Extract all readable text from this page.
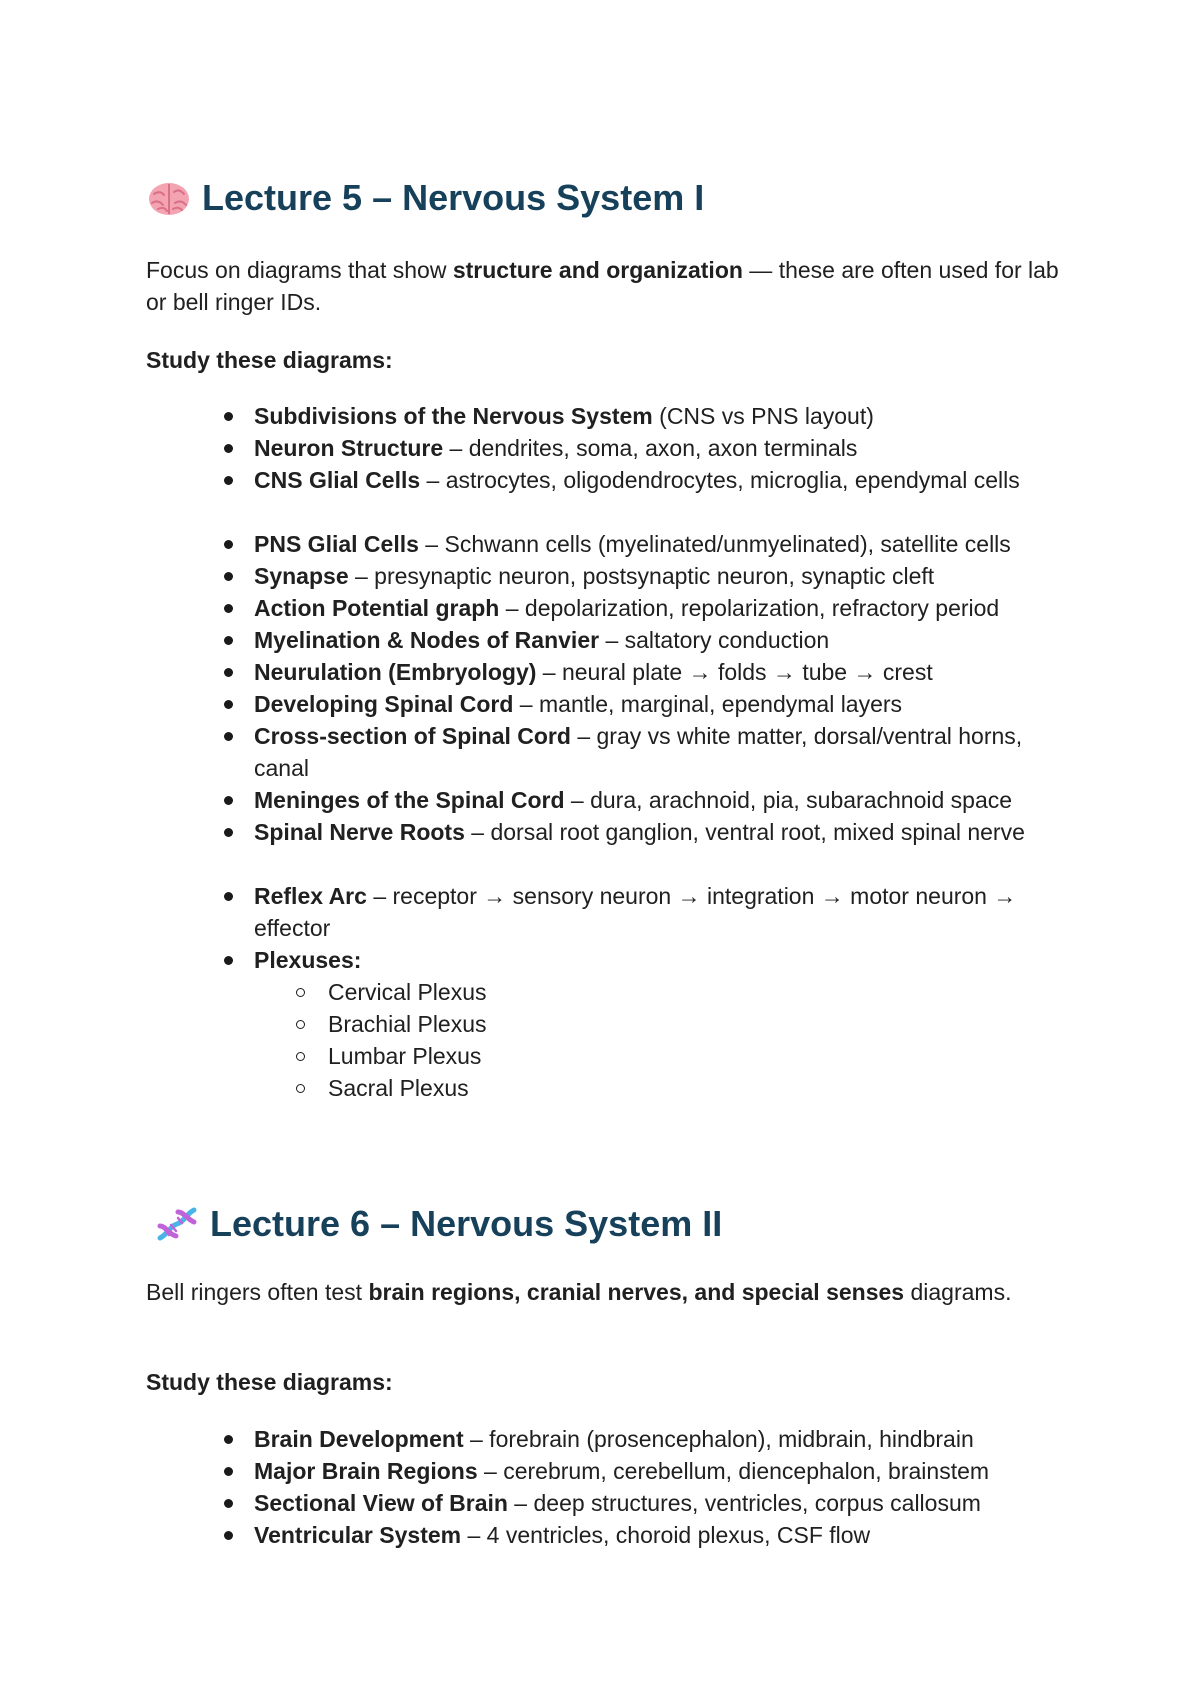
Lecture 5 – Nervous System I
Focus on diagrams that show structure and organization — these are often used for lab or bell ringer IDs.
Study these diagrams:
Subdivisions of the Nervous System (CNS vs PNS layout)
Neuron Structure – dendrites, soma, axon, axon terminals
CNS Glial Cells – astrocytes, oligodendrocytes, microglia, ependymal cells
PNS Glial Cells – Schwann cells (myelinated/unmyelinated), satellite cells
Synapse – presynaptic neuron, postsynaptic neuron, synaptic cleft
Action Potential graph – depolarization, repolarization, refractory period
Myelination & Nodes of Ranvier – saltatory conduction
Neurulation (Embryology) – neural plate → folds → tube → crest
Developing Spinal Cord – mantle, marginal, ependymal layers
Cross-section of Spinal Cord – gray vs white matter, dorsal/ventral horns, canal
Meninges of the Spinal Cord – dura, arachnoid, pia, subarachnoid space
Spinal Nerve Roots – dorsal root ganglion, ventral root, mixed spinal nerve
Reflex Arc – receptor → sensory neuron → integration → motor neuron → effector
Plexuses:
Cervical Plexus
Brachial Plexus
Lumbar Plexus
Sacral Plexus
Lecture 6 – Nervous System II
Bell ringers often test brain regions, cranial nerves, and special senses diagrams.
Study these diagrams:
Brain Development – forebrain (prosencephalon), midbrain, hindbrain
Major Brain Regions – cerebrum, cerebellum, diencephalon, brainstem
Sectional View of Brain – deep structures, ventricles, corpus callosum
Ventricular System – 4 ventricles, choroid plexus, CSF flow
